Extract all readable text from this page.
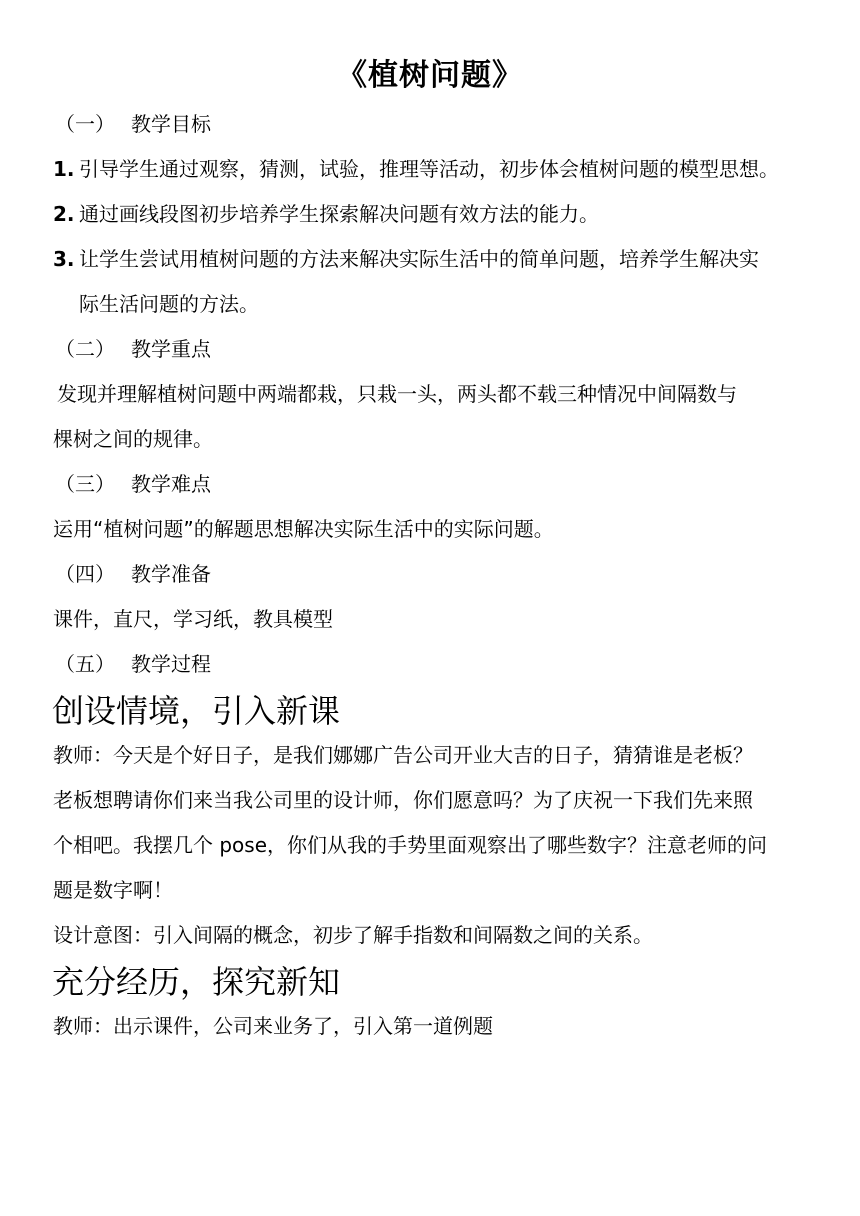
《植树问题》
（一） 教学目标
1. 引导学生通过观察，猜测，试验，推理等活动，初步体会植树问题的模型思想。
2. 通过画线段图初步培养学生探索解决问题有效方法的能力。
3. 让学生尝试用植树问题的方法来解决实际生活中的简单问题，培养学生解决实
际生活问题的方法。
（二） 教学重点
发现并理解植树问题中两端都栽，只栽一头，两头都不载三种情况中间隔数与
棵树之间的规律。
（三） 教学难点
运用“植树问题”的解题思想解决实际生活中的实际问题。
（四） 教学准备
课件，直尺，学习纸，教具模型
（五） 教学过程
创设情境，引入新课
教师：今天是个好日子，是我们娜娜广告公司开业大吉的日子，猜猜谁是老板？
老板想聘请你们来当我公司里的设计师，你们愿意吗？为了庆祝一下我们先来照
个相吧。我摆几个 pose，你们从我的手势里面观察出了哪些数字？注意老师的问
题是数字啊！
设计意图：引入间隔的概念，初步了解手指数和间隔数之间的关系。
充分经历，探究新知
教师：出示课件，公司来业务了，引入第一道例题
